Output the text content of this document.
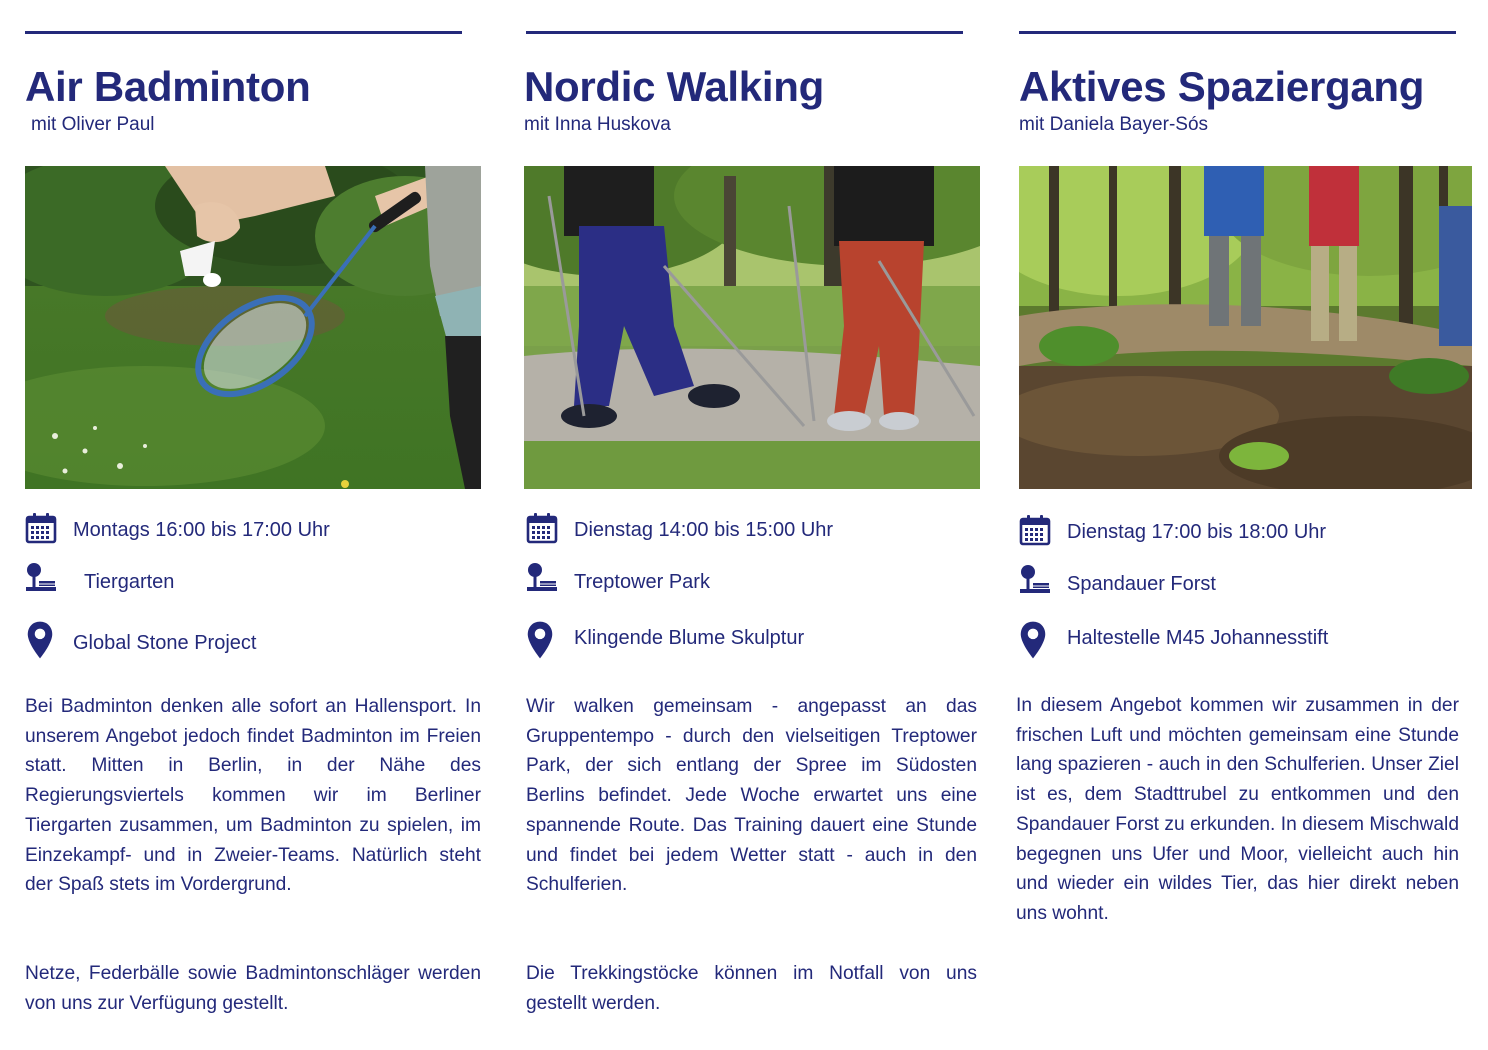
Air Badminton
mit Oliver Paul
Montags 16:00 bis 17:00 Uhr
Tiergarten
Global Stone Project

Bei Badminton denken alle sofort an Hallensport. In unserem Angebot jedoch findet Badminton im Freien statt. Mitten in Berlin, in der Nähe des Regierungsviertels kommen wir im Berliner Tiergarten zusammen, um Badminton zu spielen, im Einzekampf- und in Zweier-Teams. Natürlich steht der Spaß stets im Vordergrund.

Netze, Federbälle sowie Badmintonschläger werden von uns zur Verfügung gestellt.

Nordic Walking
mit Inna Huskova
Dienstag 14:00 bis 15:00 Uhr
Treptower Park
Klingende Blume Skulptur

Wir walken gemeinsam - angepasst an das Gruppentempo - durch den vielseitigen Treptower Park, der sich entlang der Spree im Südosten Berlins befindet. Jede Woche erwartet uns eine spannende Route. Das Training dauert eine Stunde und findet bei jedem Wetter statt - auch in den Schulferien.

Die Trekkingstöcke können im Notfall von uns gestellt werden.

Aktives Spaziergang
mit Daniela Bayer-Sós
Dienstag 17:00 bis 18:00 Uhr
Spandauer Forst
Haltestelle M45 Johannesstift

In diesem Angebot kommen wir zusammen in der frischen Luft und möchten gemeinsam eine Stunde lang spazieren - auch in den Schulferien. Unser Ziel ist es, dem Stadttrubel zu entkommen und den Spandauer Forst zu erkunden. In diesem Mischwald begegnen uns Ufer und Moor, vielleicht auch hin und wieder ein wildes Tier, das hier direkt neben uns wohnt.
